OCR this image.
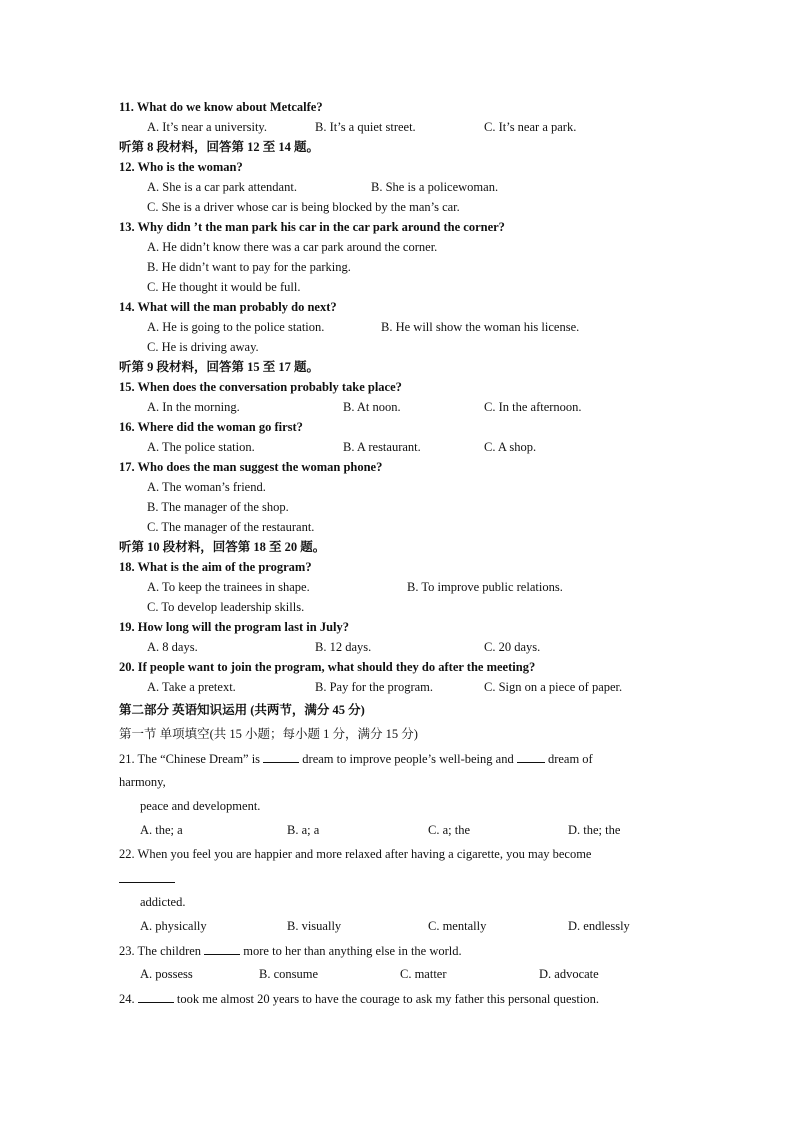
11. What do we know about Metcalfe?
A. It’s near a university.	B. It’s a quiet street.	C. It’s near a park.
听第 8 段材料，回答第 12 至 14 题。
12. Who is the woman?
A. She is a car park attendant.	B. She is a policewoman.
C. She is a driver whose car is being blocked by the man’s car.
13. Why didn ’t the man park his car in the car park around the corner?
A. He didn’t know there was a car park around the corner.
B. He didn’t want to pay for the parking.
C. He thought it would be full.
14. What will the man probably do next?
A. He is going to the police station.	B. He will show the woman his license.
C. He is driving away.
听第 9 段材料，回答第 15 至 17 题。
15. When does the conversation probably take place?
A. In the morning.	B. At noon.	C. In the afternoon.
16. Where did the woman go first?
A. The police station.	B. A restaurant.	C. A shop.
17. Who does the man suggest the woman phone?
A. The woman’s friend.
B. The manager of the shop.
C. The manager of the restaurant.
听第 10 段材料，回答第 18 至 20 题。
18. What is the aim of the program?
A. To keep the trainees in shape.	B. To improve public relations.
C. To develop leadership skills.
19. How long will the program last in July?
A. 8 days.	B. 12 days.	C. 20 days.
20. If people want to join the program, what should they do after the meeting?
A. Take a pretext.	B. Pay for the program.	C. Sign on a piece of paper.
第二部分 英语知识运用 (共两节，满分 45 分)
第一节 单项填空(共 15 小题；每小题 1 分，满分 15 分)
21. The “Chinese Dream” is	dream to improve people’s well-being and  dream of
harmony,
peace and development.
A. the; a	B. a; a	C. a; the	D. the; the
22. When you feel you are happier and more relaxed after having a cigarette, you may become
addicted.
A. physically	B. visually	C. mentally	D. endlessly
23. The children	more to her than anything else in the world.
A. possess	B. consume	C. matter	D. advocate
24.	took me almost 20 years to have the courage to ask my father this personal question.
